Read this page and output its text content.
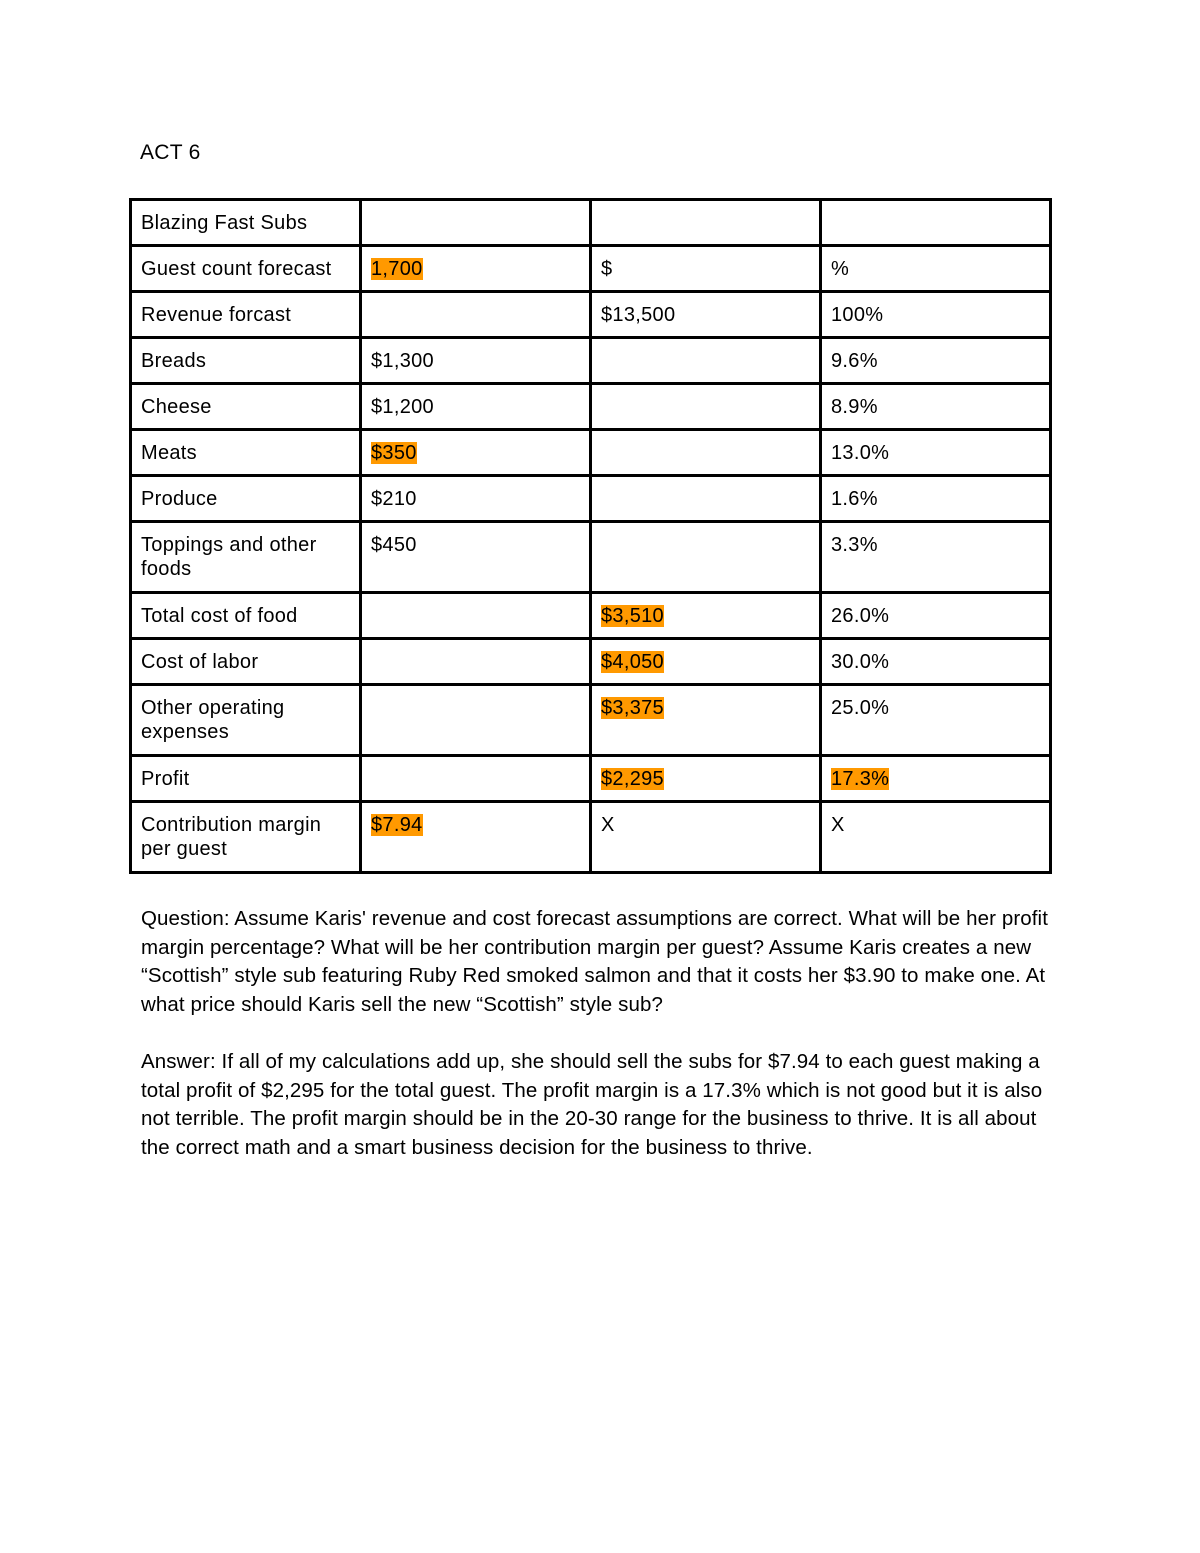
ACT 6
Blazing Fast Subs			
Guest count forecast	1,700	$	%
Revenue forcast		$13,500	100%
Breads	$1,300		9.6%
Cheese	$1,200		8.9%
Meats	$350		13.0%
Produce	$210		1.6%
Toppings and other foods	$450		3.3%
Total cost of food		$3,510	26.0%
Cost of labor		$4,050	30.0%
Other operating expenses		$3,375	25.0%
Profit		$2,295	17.3%
Contribution margin per guest	$7.94	X	X
Question: Assume Karis' revenue and cost forecast assumptions are correct. What will be her profit margin percentage? What will be her contribution margin per guest? Assume Karis creates a new “Scottish” style sub featuring Ruby Red smoked salmon and that it costs her $3.90 to make one. At what price should Karis sell the new “Scottish” style sub?
Answer: If all of my calculations add up, she should sell the subs for $7.94 to each guest making a total profit of $2,295 for the total guest. The profit margin is a 17.3% which is not good but it is also not terrible. The profit margin should be in the 20-30 range for the business to thrive. It is all about the correct math and a smart business decision for the business to thrive.
